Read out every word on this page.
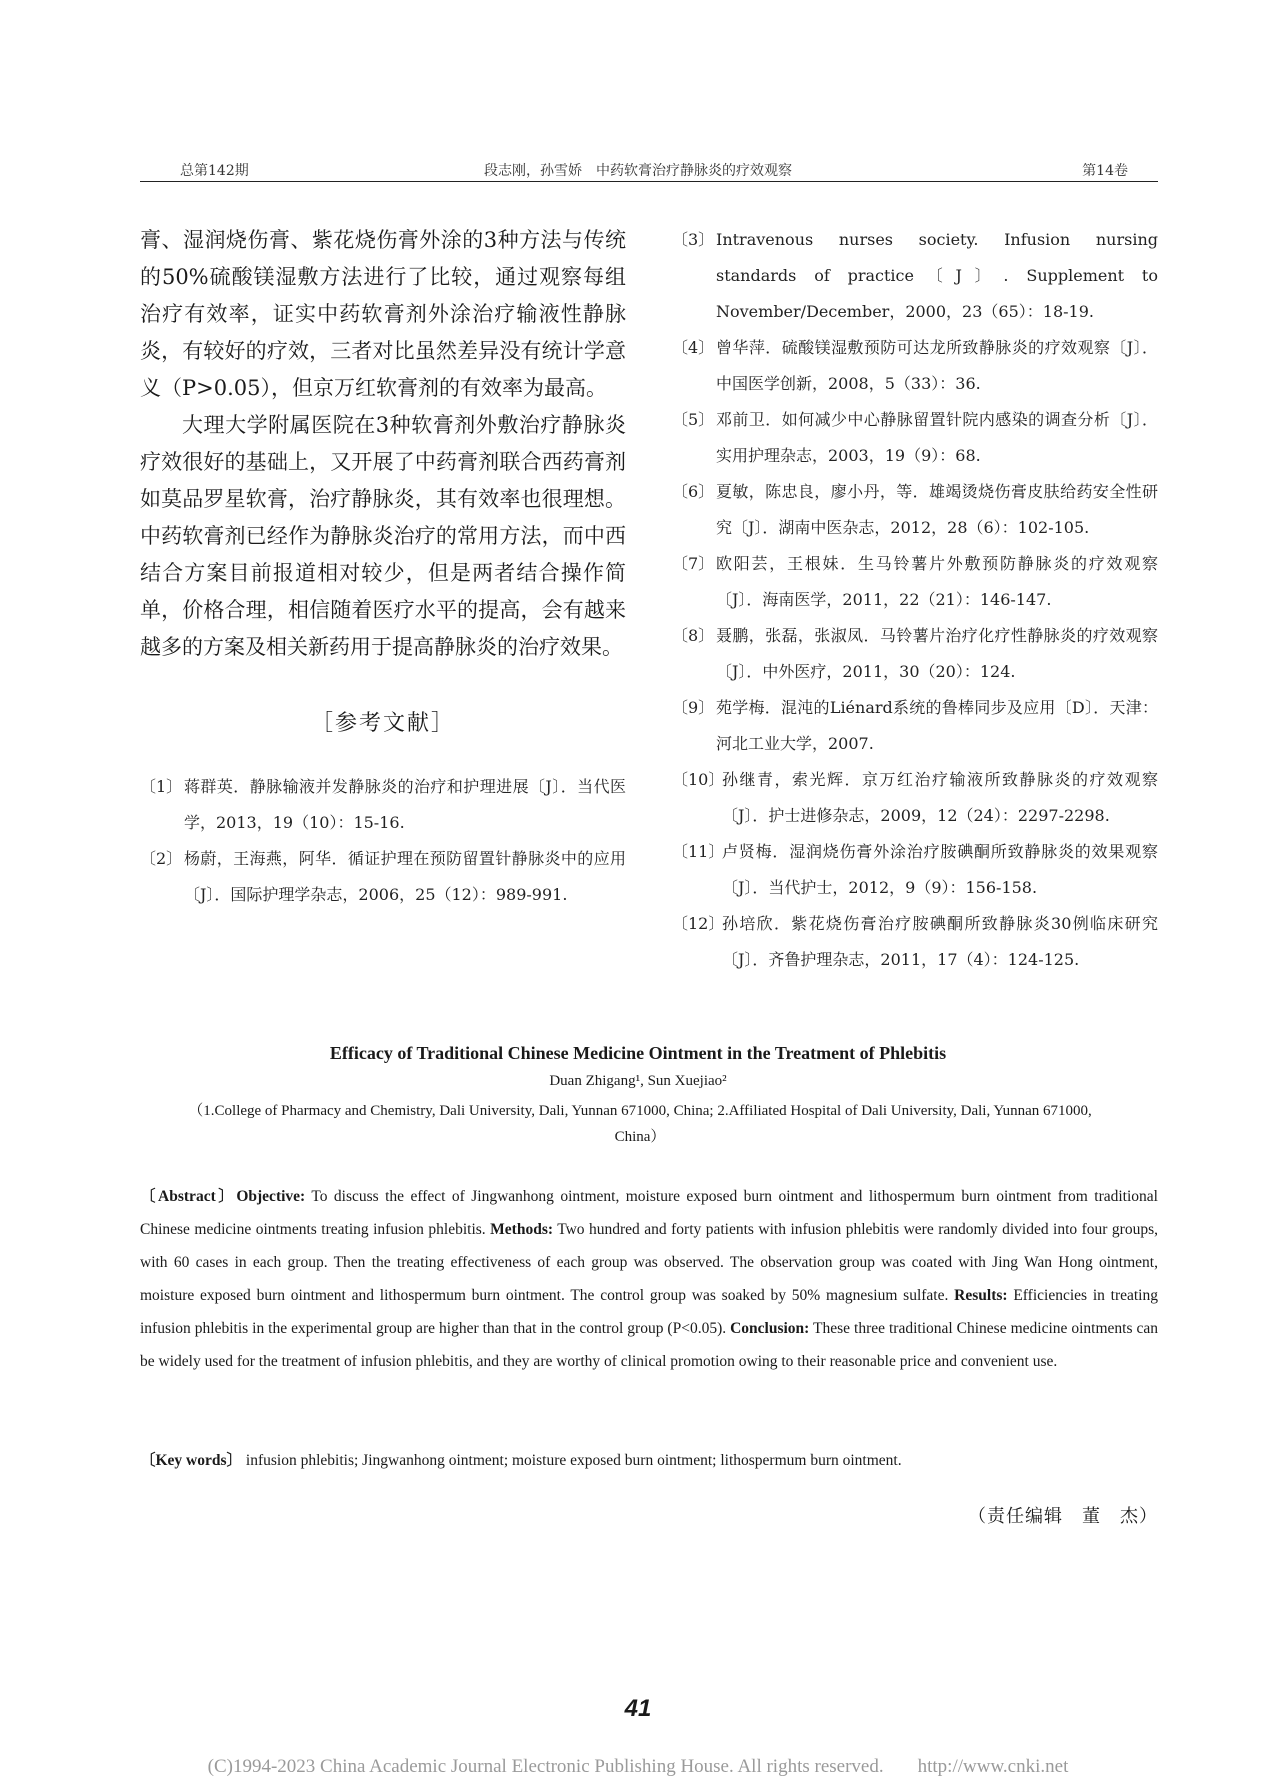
总第142期	段志刚，孙雪娇　中药软膏治疗静脉炎的疗效观察	第14卷

膏、湿润烧伤膏、紫花烧伤膏外涂的3种方法与传统的50%硫酸镁湿敷方法进行了比较，通过观察每组治疗有效率，证实中药软膏剂外涂治疗输液性静脉炎，有较好的疗效，三者对比虽然差异没有统计学意义（P>0.05），但京万红软膏剂的有效率为最高。

大理大学附属医院在3种软膏剂外敷治疗静脉炎疗效很好的基础上，又开展了中药膏剂联合西药膏剂如莫品罗星软膏，治疗静脉炎，其有效率也很理想。中药软膏剂已经作为静脉炎治疗的常用方法，而中西结合方案目前报道相对较少，但是两者结合操作简单，价格合理，相信随着医疗水平的提高，会有越来越多的方案及相关新药用于提高静脉炎的治疗效果。

［参考文献］
〔1〕 蒋群英．静脉输液并发静脉炎的治疗和护理进展〔J〕．当代医学，2013，19（10）：15-16.
〔2〕 杨蔚，王海燕，阿华．循证护理在预防留置针静脉炎中的应用〔J〕．国际护理学杂志，2006，25（12）：989-991.
〔3〕 Intravenous nurses society. Infusion nursing standards of practice〔J〕. Supplement to November/December，2000，23（65）：18-19.
〔4〕 曾华萍．硫酸镁湿敷预防可达龙所致静脉炎的疗效观察〔J〕．中国医学创新，2008，5（33）：36.
〔5〕 邓前卫．如何减少中心静脉留置针院内感染的调查分析〔J〕．实用护理杂志，2003，19（9）：68.
〔6〕 夏敏，陈忠良，廖小丹，等．雄竭烫烧伤膏皮肤给药安全性研究〔J〕．湖南中医杂志，2012，28（6）：102-105.
〔7〕 欧阳芸，王根妹．生马铃薯片外敷预防静脉炎的疗效观察〔J〕．海南医学，2011，22（21）：146-147.
〔8〕 聂鹏，张磊，张淑凤．马铃薯片治疗化疗性静脉炎的疗效观察〔J〕．中外医疗，2011，30（20）：124.
〔9〕 苑学梅．混沌的Liénard系统的鲁棒同步及应用〔D〕．天津：河北工业大学，2007.
〔10〕
孙继青，索光辉．京万红治疗输液所致静脉炎的疗效观察〔J〕．护士进修杂志，2009，12（24）：2297-2298.
〔11〕
卢贤梅．湿润烧伤膏外涂治疗胺碘酮所致静脉炎的效果观察〔J〕．当代护士，2012，9（9）：156-158.
〔12〕
孙培欣．紫花烧伤膏治疗胺碘酮所致静脉炎30例临床研究〔J〕．齐鲁护理杂志，2011，17（4）：124-125.
Efficacy of Traditional Chinese Medicine Ointment in the Treatment of Phlebitis
Duan Zhigang¹, Sun Xuejiao²
（1.College of Pharmacy and Chemistry, Dali University, Dali, Yunnan 671000, China; 2.Affiliated Hospital of Dali University, Dali, Yunnan 671000, China）
〔Abstract〕Objective: To discuss the effect of Jingwanhong ointment, moisture exposed burn ointment and lithospermum burn ointment from traditional Chinese medicine ointments treating infusion phlebitis. Methods: Two hundred and forty patients with infusion phlebitis were randomly divided into four groups, with 60 cases in each group. Then the treating effectiveness of each group was observed. The observation group was coated with Jing Wan Hong ointment, moisture exposed burn ointment and lithospermum burn ointment. The control group was soaked by 50% magnesium sulfate. Results: Efficiencies in treating infusion phlebitis in the experimental group are higher than that in the control group (P<0.05). Conclusion: These three traditional Chinese medicine ointments can be widely used for the treatment of infusion phlebitis, and they are worthy of clinical promotion owing to their reasonable price and convenient use.
〔Key words〕 infusion phlebitis; Jingwanhong ointment; moisture exposed burn ointment; lithospermum burn ointment.
（责任编辑　董　杰）
41
(C)1994-2023 China Academic Journal Electronic Publishing House. All rights reserved. http://www.cnki.net
